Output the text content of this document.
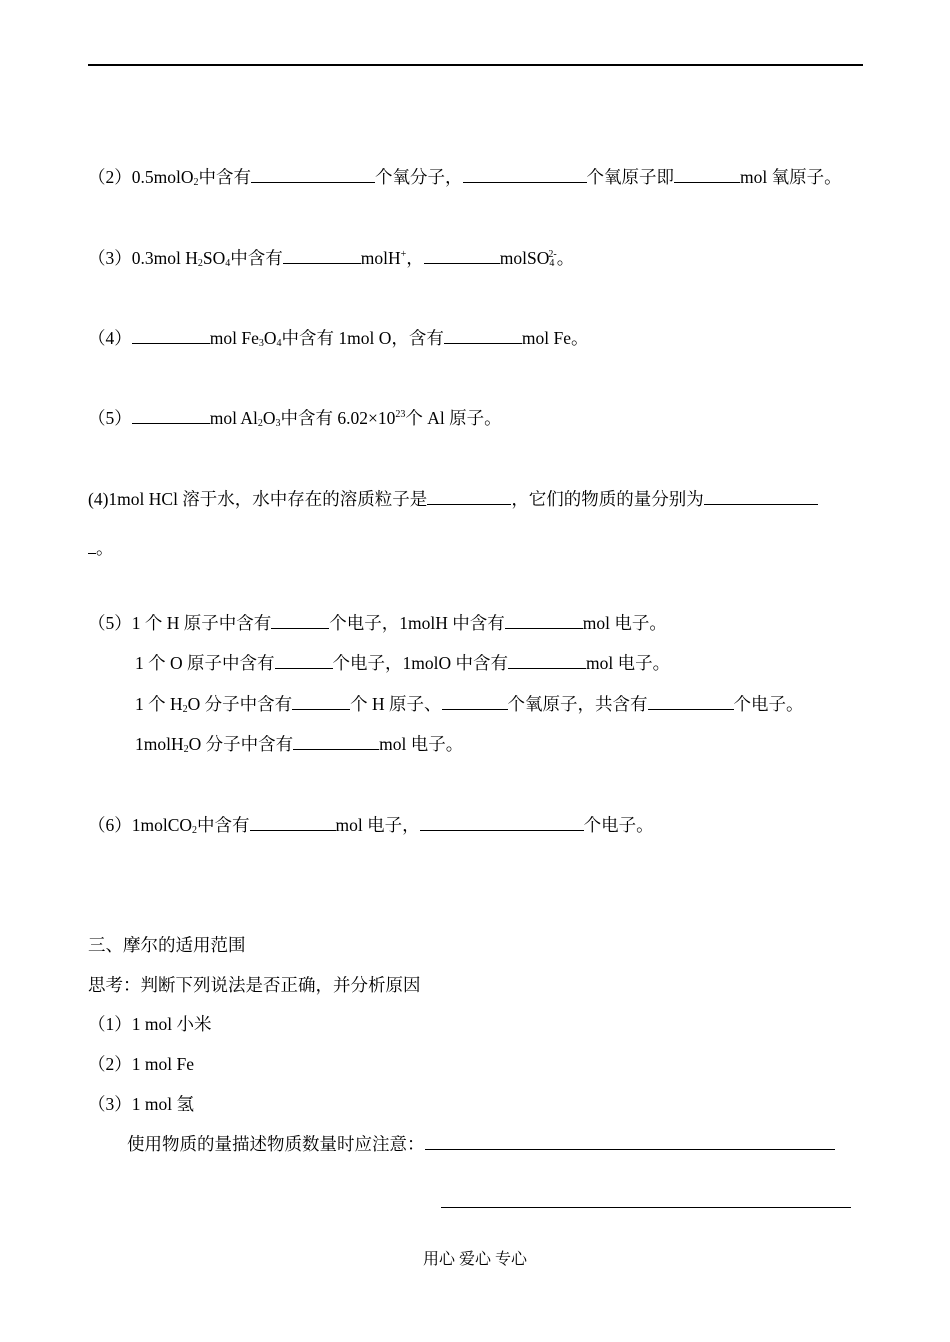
（2）0.5molO$_2$中含有	个氧分子，	个氧原子即	mol 氧原子。
（3）0.3mol $H_2SO_4$中含有	molH+，	molSO$_4^{2-}$。
（4）	mol $Fe_3O_4$中含有 1mol O，含有	mol Fe。
（5）	mol $Al_2O_3$中含有 $6.02\times 10^{23}$个 Al 原子。
(4)1mol HCl 溶于水，水中存在的溶质粒子是	，它们的物质的量分别为
。
（5）1 个 H 原子中含有	个电子，1molH 中含有	mol 电子。
1 个 O 原子中含有	个电子，1molO 中含有	mol 电子。
1 个 $H_2O$ 分子中含有	个 H 原子、	个氧原子，共含有	个电子。
1molH$_2$O 分子中含有	mol 电子。
（6）1molCO$_2$中含有	mol 电子，	个电子。
三、摩尔的适用范围
思考：判断下列说法是否正确，并分析原因
（1）1 mol 小米
（2）1 mol Fe
（3）1 mol 氢
使用物质的量描述物质数量时应注意：
用心 爱心 专心
